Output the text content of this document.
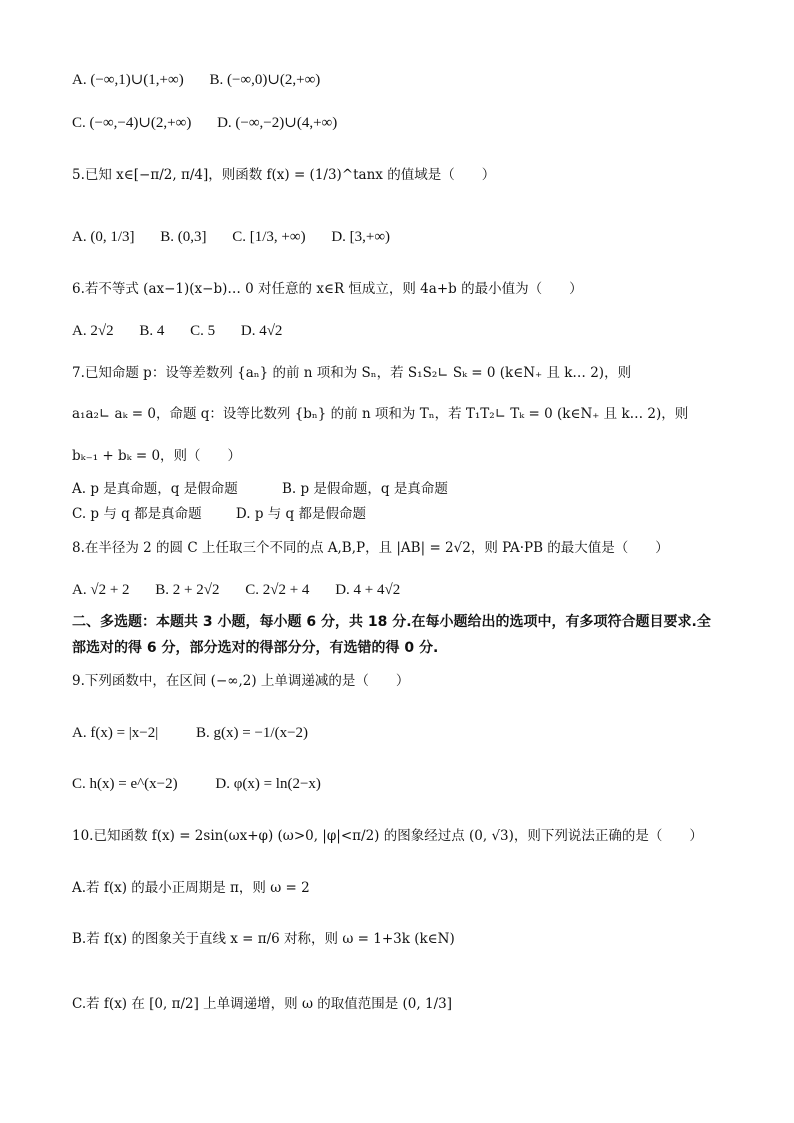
A. (−∞,1)∪(1,+∞) B. (−∞,0)∪(2,+∞)
C. (−∞,−4)∪(2,+∞) D. (−∞,−2)∪(4,+∞)
5.已知 x∈[−π/2, π/4]，则函数 f(x) = (1/3)^tanx 的值域是（　　）
A. (0, 1/3] B. (0,3] C. [1/3, +∞) D. [3,+∞)
6.若不等式 (ax−1)(x−b)… 0 对任意的 x∈R 恒成立，则 4a+b 的最小值为（　　）
A. 2√2 B. 4 C. 5 D. 4√2
7.已知命题 p：设等差数列 {aₙ} 的前 n 项和为 Sₙ，若 S₁S₂∟ Sₖ = 0 (k∈N₊ 且 k… 2)，则
a₁a₂∟ aₖ = 0，命题 q：设等比数列 {bₙ} 的前 n 项和为 Tₙ，若 T₁T₂∟ Tₖ = 0 (k∈N₊ 且 k… 2)，则
bₖ₋₁ + bₖ = 0，则（　　）
A. p 是真命题，q 是假命题	B. p 是假命题，q 是真命题
C. p 与 q 都是真命题	D. p 与 q 都是假命题
8.在半径为 2 的圆 C 上任取三个不同的点 A,B,P，且 |AB| = 2√2，则 PA·PB 的最大值是（　　）
A. √2 + 2 B. 2 + 2√2 C. 2√2 + 4 D. 4 + 4√2
二、多选题：本题共 3 小题，每小题 6 分，共 18 分.在每小题给出的选项中，有多项符合题目要求.全部选对的得 6 分，部分选对的得部分分，有选错的得 0 分.
9.下列函数中，在区间 (−∞,2) 上单调递减的是（　　）
A. f(x) = |x−2|	B. g(x) = −1/(x−2)
C. h(x) = e^(x−2)	D. φ(x) = ln(2−x)
10.已知函数 f(x) = 2sin(ωx+φ) (ω>0, |φ|<π/2) 的图象经过点 (0, √3)，则下列说法正确的是（　　）
A.若 f(x) 的最小正周期是 π，则 ω = 2
B.若 f(x) 的图象关于直线 x = π/6 对称，则 ω = 1+3k (k∈N)
C.若 f(x) 在 [0, π/2] 上单调递增，则 ω 的取值范围是 (0, 1/3]
